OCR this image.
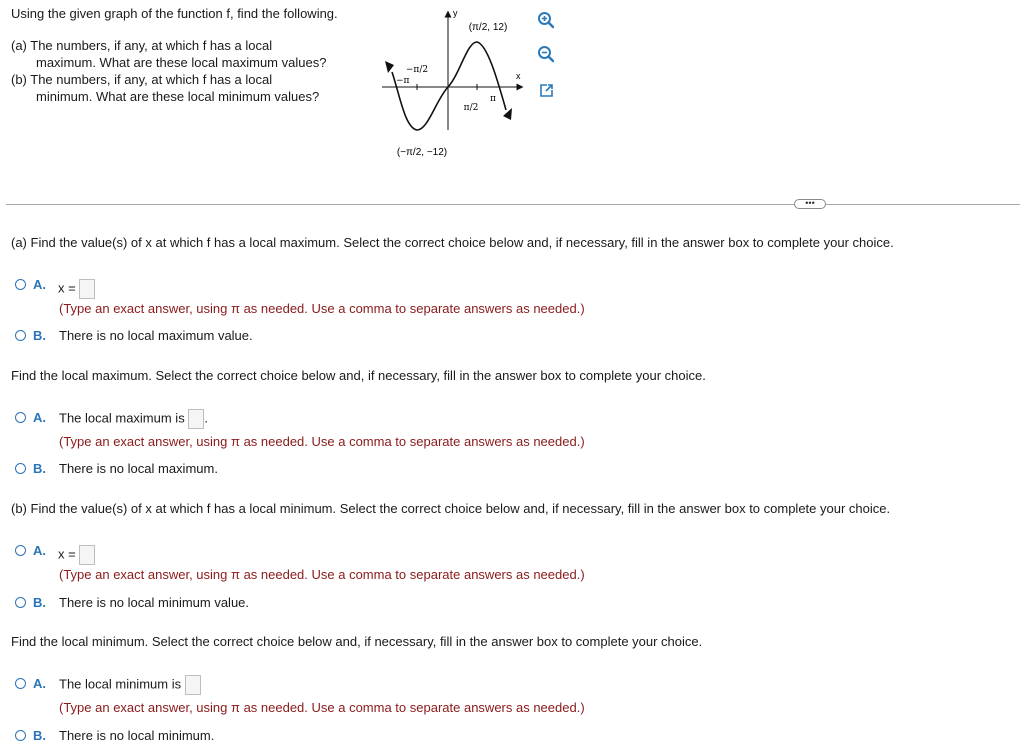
Using the given graph of the function f, find the following.
(a) The numbers, if any, at which f has a local
maximum. What are these local maximum values?
(b) The numbers, if any, at which f has a local
minimum. What are these local minimum values?
−π
−π/2
π/2
π
x
y
(π/2, 12)
(−π/2, −12)
•••
(a) Find the value(s) of x at which f has a local maximum. Select the correct choice below and, if necessary, fill in the answer box to complete your choice.
A. x =
(Type an exact answer, using π as needed. Use a comma to separate answers as needed.)
B. There is no local maximum value.
Find the local maximum. Select the correct choice below and, if necessary, fill in the answer box to complete your choice.
A. The local maximum is .
(Type an exact answer, using π as needed. Use a comma to separate answers as needed.)
B. There is no local maximum.
(b) Find the value(s) of x at which f has a local minimum. Select the correct choice below and, if necessary, fill in the answer box to complete your choice.
A. x =
(Type an exact answer, using π as needed. Use a comma to separate answers as needed.)
B. There is no local minimum value.
Find the local minimum. Select the correct choice below and, if necessary, fill in the answer box to complete your choice.
A. The local minimum is
(Type an exact answer, using π as needed. Use a comma to separate answers as needed.)
B. There is no local minimum.
